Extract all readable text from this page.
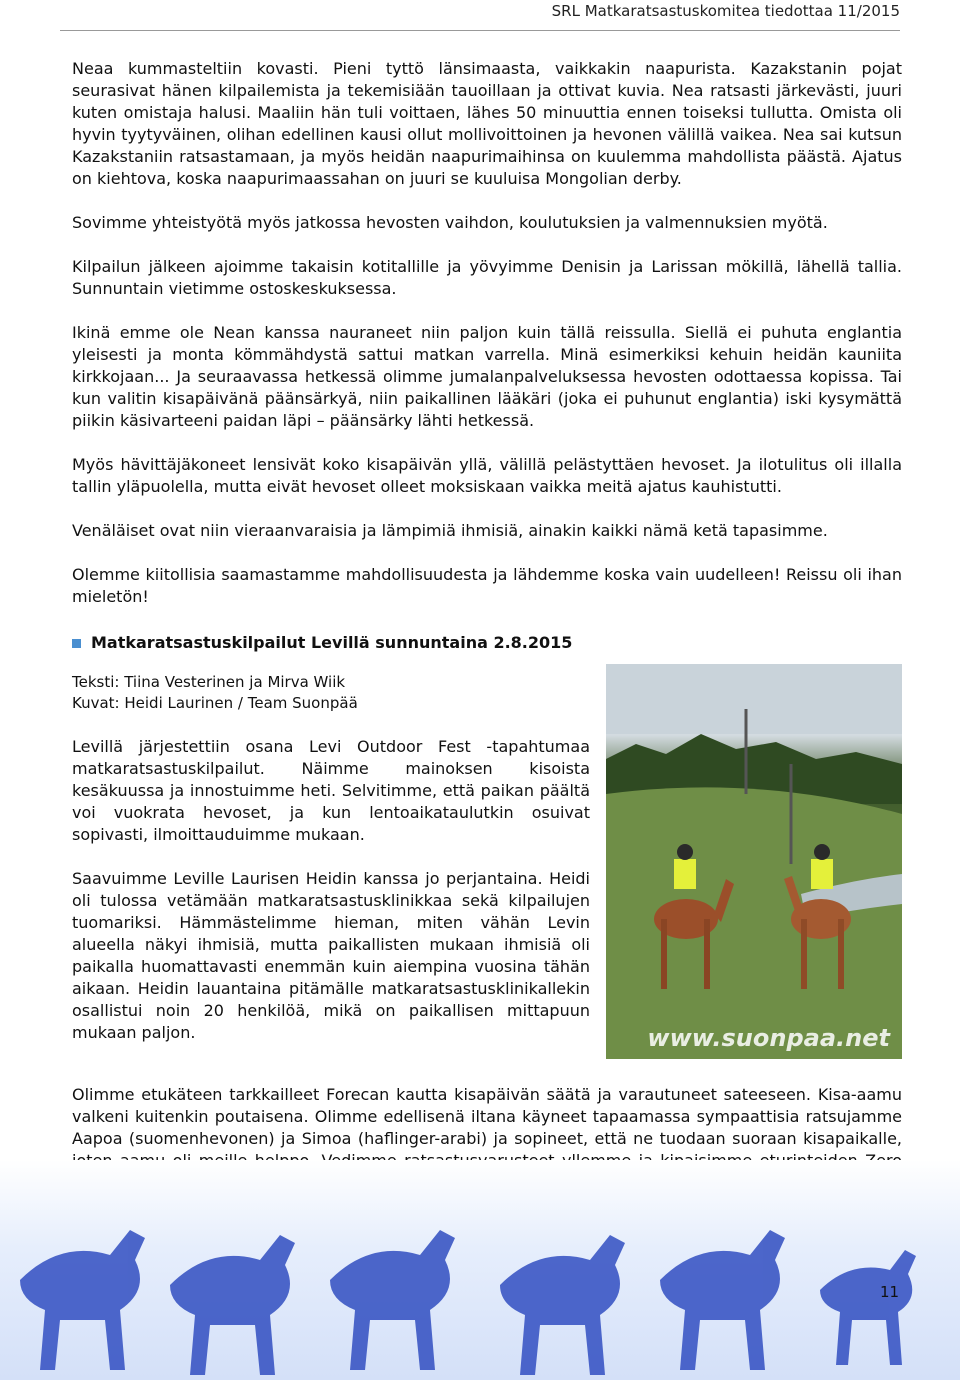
SRL Matkaratsastuskomitea tiedottaa 11/2015

Neaa kummasteltiin kovasti. Pieni tyttö länsimaasta, vaikkakin naapurista. Kazakstanin pojat seurasivat hänen kilpailemista ja tekemisiään tauoillaan ja ottivat kuvia. Nea ratsasti järkevästi, juuri kuten omistaja halusi. Maaliin hän tuli voittaen, lähes 50 minuuttia ennen toiseksi tullutta. Omista oli hyvin tyytyväinen, olihan edellinen kausi ollut mollivoittoinen ja hevonen välillä vaikea. Nea sai kutsun Kazakstaniin ratsastamaan, ja myös heidän naapurimaihinsa on kuulemma mahdollista päästä. Ajatus on kiehtova, koska naapurimaassahan on juuri se kuuluisa Mongolian derby.

Sovimme yhteistyötä myös jatkossa hevosten vaihdon, koulutuksien ja valmennuksien myötä.

Kilpailun jälkeen ajoimme takaisin kotitallille ja yövyimme Denisin ja Larissan mökillä, lähellä tallia. Sunnuntain vietimme ostoskeskuksessa.

Ikinä emme ole Nean kanssa nauraneet niin paljon kuin tällä reissulla. Siellä ei puhuta englantia yleisesti ja monta kömmähdystä sattui matkan varrella. Minä esimerkiksi kehuin heidän kauniita kirkkojaan... Ja seuraavassa hetkessä olimme jumalanpalveluksessa hevosten odottaessa kopissa. Tai kun valitin kisapäivänä päänsärkyä, niin paikallinen lääkäri (joka ei puhunut englantia) iski kysymättä piikin käsivarteeni paidan läpi – päänsärky lähti hetkessä.

Myös hävittäjäkoneet lensivät koko kisapäivän yllä, välillä pelästyttäen hevoset. Ja ilotulitus oli illalla tallin yläpuolella, mutta eivät hevoset olleet moksiskaan vaikka meitä ajatus kauhistutti.

Venäläiset ovat niin vieraanvaraisia ja lämpimiä ihmisiä, ainakin kaikki nämä ketä tapasimme.

Olemme kiitollisia saamastamme mahdollisuudesta ja lähdemme koska vain uudelleen! Reissu oli ihan mieletön!

Matkaratsastuskilpailut Levillä sunnuntaina 2.8.2015
Teksti: Tiina Vesterinen ja Mirva Wiik
Kuvat: Heidi Laurinen / Team Suonpää

Levillä järjestettiin osana Levi Outdoor Fest -tapahtumaa matkaratsastuskilpailut. Näimme mainoksen kisoista kesäkuussa ja innostuimme heti. Selvitimme, että paikan päältä voi vuokrata hevoset, ja kun lentoaikataulutkin osuivat sopivasti, ilmoittauduimme mukaan.

Saavuimme Leville Laurisen Heidin kanssa jo perjantaina. Heidi oli tulossa vetämään matkaratsastusklinikkaa sekä kilpailujen tuomariksi. Hämmästelimme hieman, miten vähän Levin alueella näkyi ihmisiä, mutta paikallisten mukaan ihmisiä oli paikalla huomattavasti enemmän kuin aiempina vuosina tähän aikaan. Heidin lauantaina pitämälle matkaratsastusklinikallekin osallistui noin 20 henkilöä, mikä on paikallisen mittapuun mukaan paljon.	www.suonpaa.net

Olimme etukäteen tarkkailleet Forecan kautta kisapäivän säätä ja varautuneet sateeseen. Kisa-aamu valkeni kuitenkin poutaisena. Olimme edellisenä iltana käyneet tapaamassa sympaattisia ratsujamme Aapoa (suomenhevonen) ja Simoa (haflinger-arabi) ja sopineet, että ne tuodaan suoraan kisapaikalle,

11
